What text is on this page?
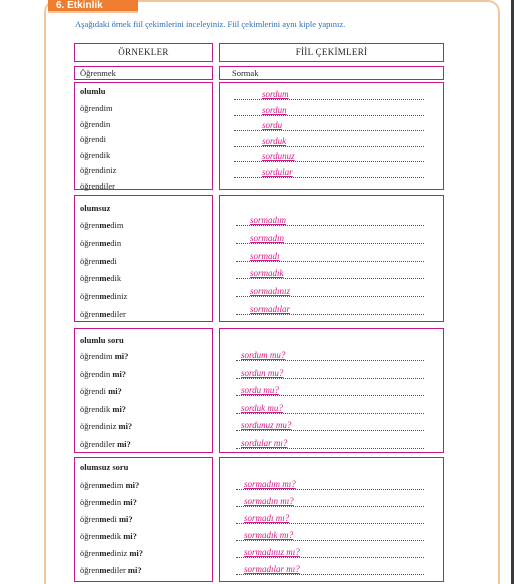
6. Etkinlik
Aşağıdaki örnek fiil çekimlerini inceleyiniz. Fiil çekimlerini aynı kiple yapınız.
ÖRNEKLER	FİİL ÇEKİMLERİ
Öğrenmek	Sormak
olumlu
öğrendim
öğrendin
öğrendi
öğrendik
öğrendiniz
öğrendiler
sordum
sordun
sordu
sorduk
sordunuz
sordular
olumsuz
öğrenmedim
öğrenmedin
öğrenmedi
öğrenmedik
öğrenmediniz
öğrenmediler
sormadım
sormadın
sormadı
sormadık
sormadınız
sormadılar
olumlu soru
öğrendim mi?
öğrendin mi?
öğrendi mi?
öğrendik mi?
öğrendiniz mi?
öğrendiler mi?
sordum mu?
sordun mu?
sordu mu?
sorduk mu?
sordunuz mu?
sordular mı?
olumsuz soru
öğrenmedim mi?
öğrenmedin mi?
öğrenmedi mi?
öğrenmedik mi?
öğrenmediniz mi?
öğrenmediler mi?
sormadım mı?
sormadın mı?
sormadı mı?
sormadık mı?
sormadınız mı?
sormadılar mı?
